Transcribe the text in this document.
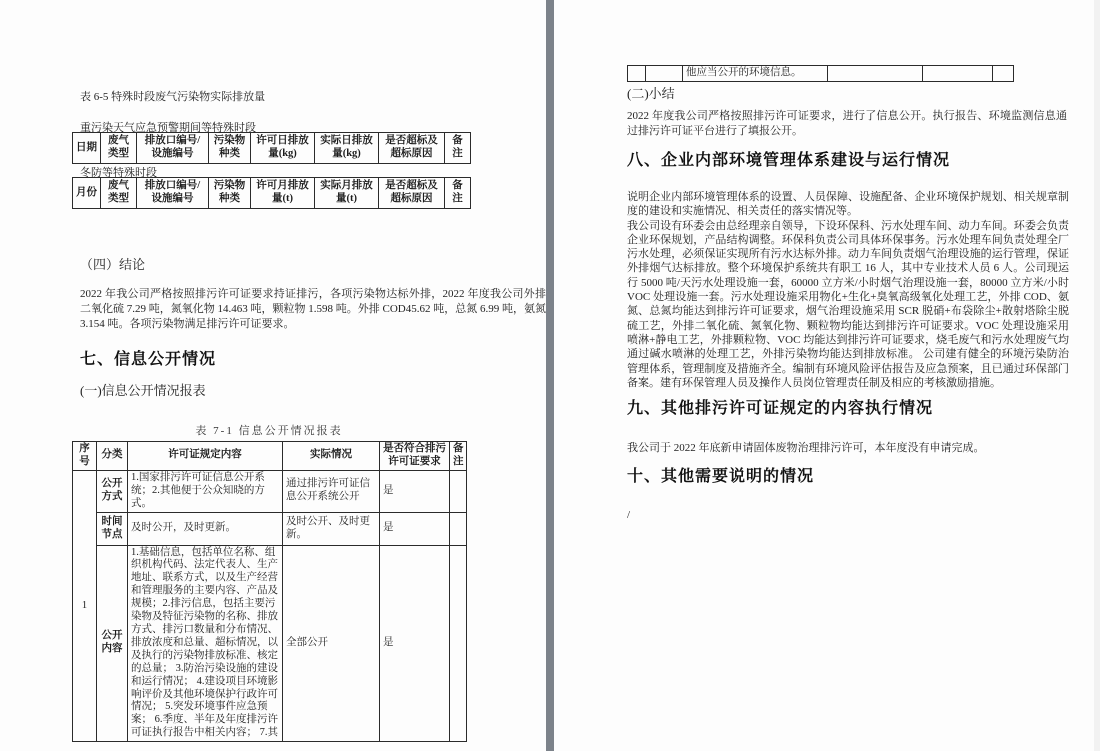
表 6-5 特殊时段废气污染物实际排放量
重污染天气应急预警期间等特殊时段
日期	废气类型	排放口编号/设施编号	污染物种类	许可日排放量(kg)	实际日排放量(kg)	是否超标及超标原因	备注
冬防等特殊时段
月份	废气类型	排放口编号/设施编号	污染物种类	许可月排放量(t)	实际月排放量(t)	是否超标及超标原因	备注
（四）结论

2022 年我公司严格按照排污许可证要求持证排污，各项污染物达标外排，2022 年度我公司外排二氧化硫 7.29 吨，氮氧化物 14.463 吨，颗粒物 1.598 吨。外排 COD45.62 吨，总氮 6.99 吨，氨氮 3.154 吨。各项污染物满足排污许可证要求。

七、信息公开情况
(一)信息公开情况报表
表 7-1 信息公开情况报表
序号	分类	许可证规定内容	实际情况	是否符合排污许可证要求	备注
1	公开方式	1.国家排污许可证信息公开系统；2.其他便于公众知晓的方式。	通过排污许可证信息公开系统公开	是	
	时间节点	及时公开，及时更新。	及时公开、及时更新。	是	
	公开内容	1.基础信息，包括单位名称、组织机构代码、法定代表人、生产地址、联系方式，以及生产经营和管理服务的主要内容、产品及规模；2.排污信息，包括主要污染物及特征污染物的名称、排放方式、排污口数量和分布情况、排放浓度和总量、超标情况，以及执行的污染物排放标准、核定的总量； 3.防治污染设施的建设和运行情况； 4.建设项目环境影响评价及其他环境保护行政许可情况； 5.突发环境事件应急预案； 6.季度、半年及年度排污许可证执行报告中相关内容； 7.其	全部公开	是	
		他应当公开的环境信息。			
(二)小结

2022 年度我公司严格按照排污许可证要求，进行了信息公开。执行报告、环境监测信息通过排污许可证平台进行了填报公开。

八、企业内部环境管理体系建设与运行情况

说明企业内部环境管理体系的设置、人员保障、设施配备、企业环境保护规划、相关规章制度的建设和实施情况、相关责任的落实情况等。

我公司设有环委会由总经理亲自领导，下设环保科、污水处理车间、动力车间。环委会负责企业环保规划，产品结构调整。环保科负责公司具体环保事务。污水处理车间负责处理全厂污水处理，必须保证实现所有污水达标外排。动力车间负责烟气治理设施的运行管理，保证外排烟气达标排放。整个环境保护系统共有职工 16 人，其中专业技术人员 6 人。公司现运行 5000 吨/天污水处理设施一套，60000 立方米/小时烟气治理设施一套，80000 立方米/小时 VOC 处理设施一套。污水处理设施采用物化+生化+臭氧高级氧化处理工艺，外排 COD、氨氮、总氮均能达到排污许可证要求，烟气治理设施采用 SCR 脱硝+布袋除尘+散射塔除尘脱硫工艺，外排二氧化硫、氮氧化物、颗粒物均能达到排污许可证要求。VOC 处理设施采用喷淋+静电工艺，外排颗粒物、VOC 均能达到排污许可证要求，烧毛废气和污水处理废气均通过碱水喷淋的处理工艺，外排污染物均能达到排放标准。 公司建有健全的环境污染防治管理体系，管理制度及措施齐全。编制有环境风险评估报告及应急预案，且已通过环保部门备案。建有环保管理人员及操作人员岗位管理责任制及相应的考核激励措施。

九、其他排污许可证规定的内容执行情况

我公司于 2022 年底新申请固体废物治理排污许可，本年度没有申请完成。

十、其他需要说明的情况

/
